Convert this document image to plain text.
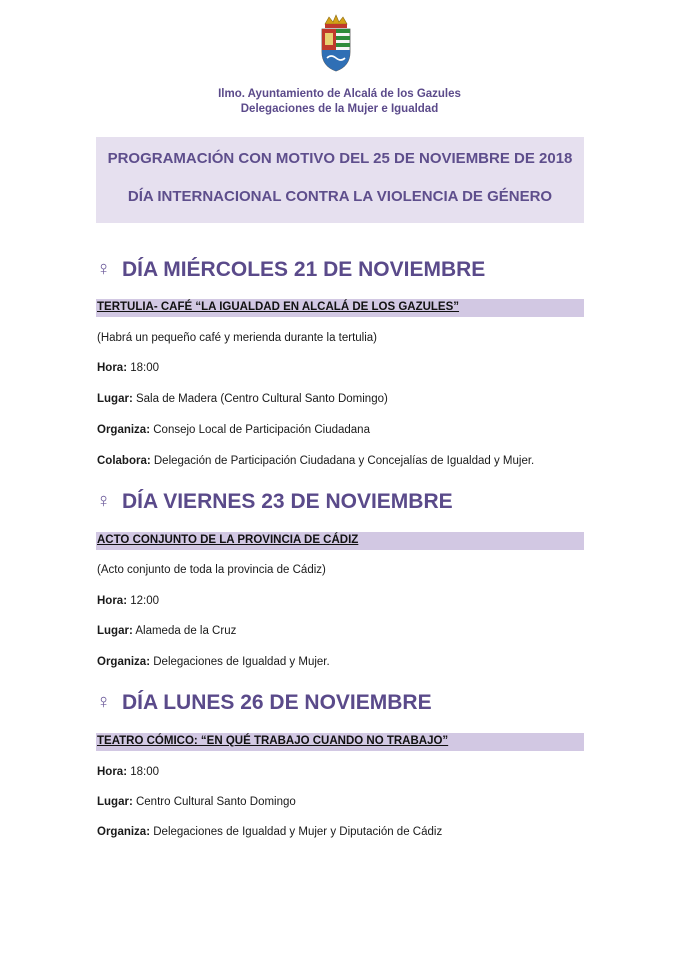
Ilmo. Ayuntamiento de Alcalá de los Gazules
Delegaciones de la Mujer e Igualdad
PROGRAMACIÓN CON MOTIVO DEL 25 DE NOVIEMBRE DE 2018
DÍA INTERNACIONAL CONTRA LA VIOLENCIA DE GÉNERO
♀ DÍA MIÉRCOLES 21 DE NOVIEMBRE
TERTULIA- CAFÉ “LA IGUALDAD EN ALCALÁ DE LOS GAZULES”
(Habrá un pequeño café y merienda durante la tertulia)
Hora: 18:00
Lugar: Sala de Madera (Centro Cultural Santo Domingo)
Organiza: Consejo Local de Participación Ciudadana
Colabora: Delegación de Participación Ciudadana y Concejalías de Igualdad y Mujer.
♀ DÍA VIERNES 23 DE NOVIEMBRE
ACTO CONJUNTO DE LA PROVINCIA DE CÁDIZ
(Acto conjunto de toda la provincia de Cádiz)
Hora: 12:00
Lugar: Alameda de la Cruz
Organiza: Delegaciones de Igualdad y Mujer.
♀ DÍA LUNES 26 DE NOVIEMBRE
TEATRO CÓMICO: “EN QUÉ TRABAJO CUANDO NO TRABAJO”
Hora: 18:00
Lugar: Centro Cultural Santo Domingo
Organiza: Delegaciones de Igualdad y Mujer y Diputación de Cádiz
